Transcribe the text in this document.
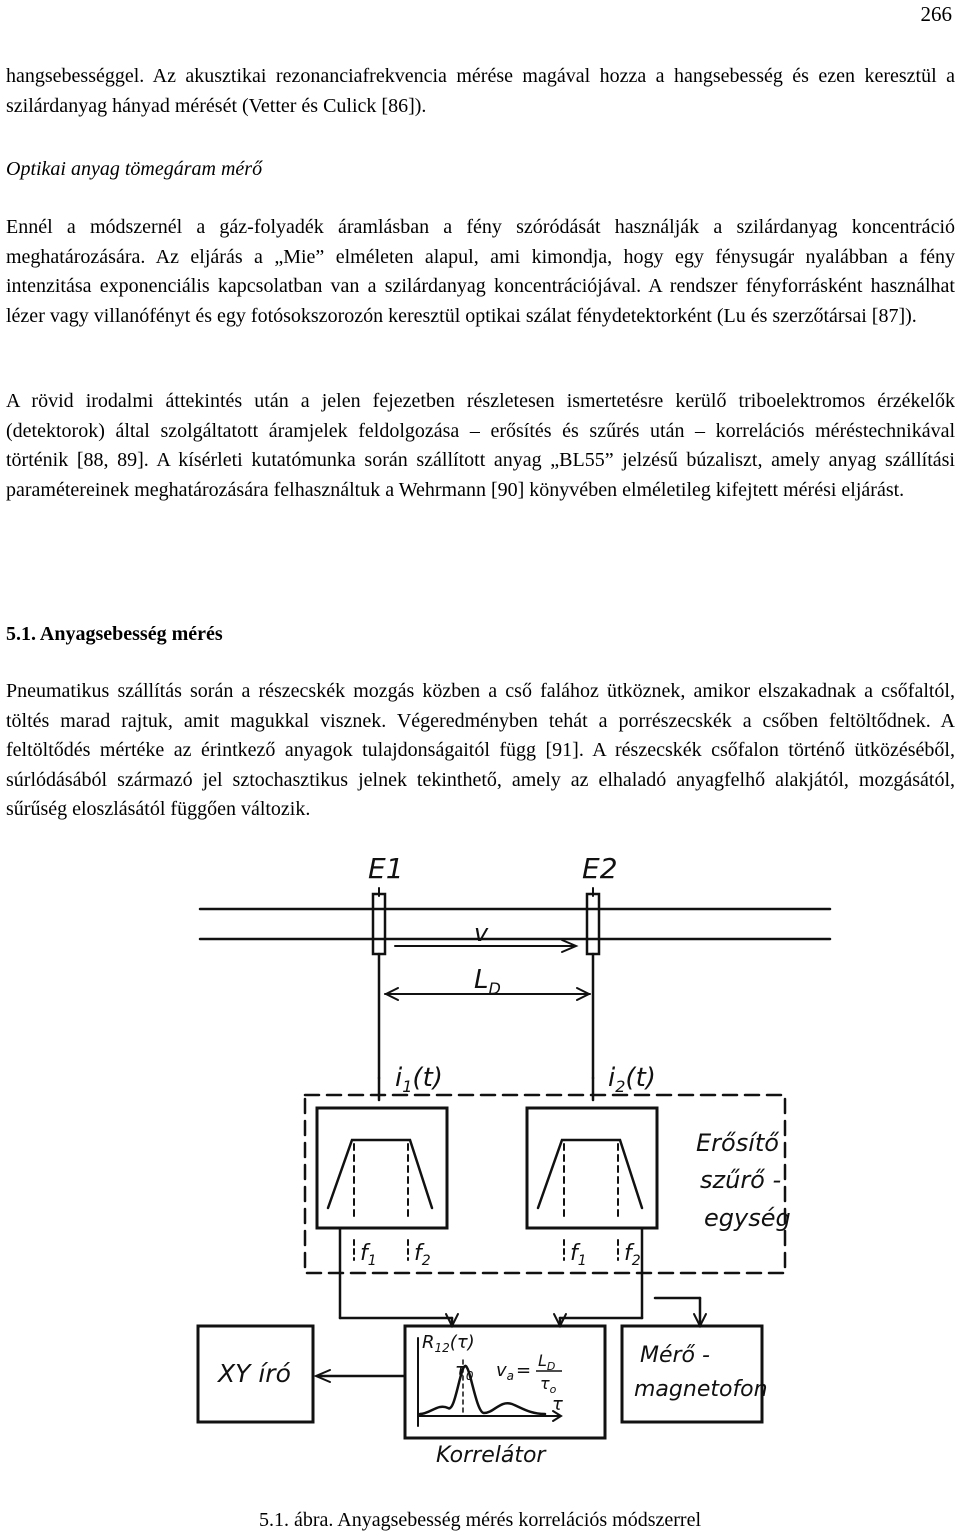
266
hangsebességgel. Az akusztikai rezonanciafrekvencia mérése magával hozza a hangsebesség és ezen keresztül a szilárdanyag hányad mérését (Vetter és Culick [86]).
Optikai anyag tömegáram mérő
Ennél a módszernél a gáz-folyadék áramlásban a fény szóródását használják a szilárdanyag koncentráció meghatározására. Az eljárás a „Mie” elméleten alapul, ami kimondja, hogy egy fénysugár nyalábban a fény intenzitása exponenciális kapcsolatban van a szilárdanyag koncentrációjával. A rendszer fényforrásként használhat lézer vagy villanófényt és egy fotósokszorozón keresztül optikai szálat fénydetektorként (Lu és szerzőtársai [87]).
A rövid irodalmi áttekintés után a jelen fejezetben részletesen ismertetésre kerülő triboelektromos érzékelők (detektorok) által szolgáltatott áramjelek feldolgozása – erősítés és szűrés után – korrelációs méréstechnikával történik [88, 89]. A kísérleti kutatómunka során szállított anyag „BL55” jelzésű búzaliszt, amely anyag szállítási paramétereinek meghatározására felhasználtuk a Wehrmann [90] könyvében elméletileg kifejtett mérési eljárást.
5.1. Anyagsebesség mérés
Pneumatikus szállítás során a részecskék mozgás közben a cső falához ütköznek, amikor elszakadnak a csőfaltól, töltés marad rajtuk, amit magukkal visznek. Végeredményben tehát a porrészecskék a csőben feltöltődnek. A feltöltődés mértéke az érintkező anyagok tulajdonságaitól függ [91]. A részecskék csőfalon történő ütközéséből, súrlódásából származó jel sztochasztikus jelnek tekinthető, amely az elhaladó anyagfelhő alakjától, mozgásától, sűrűség eloszlásától függően változik.
E1	E2
v
$L_D$
$i_1(t)$	$i_2(t)$
Erősítő
szűrő -
egység
$f_1$ $f_2$	$f_1$ $f_2$
XY író
$R_{12}(\tau)$
$\tau_0$ $v_a = L_D$
$\tau_o$
τ
Korrelátor
Mérő -
magnetofon
5.1. ábra. Anyagsebesség mérés korrelációs módszerrel
